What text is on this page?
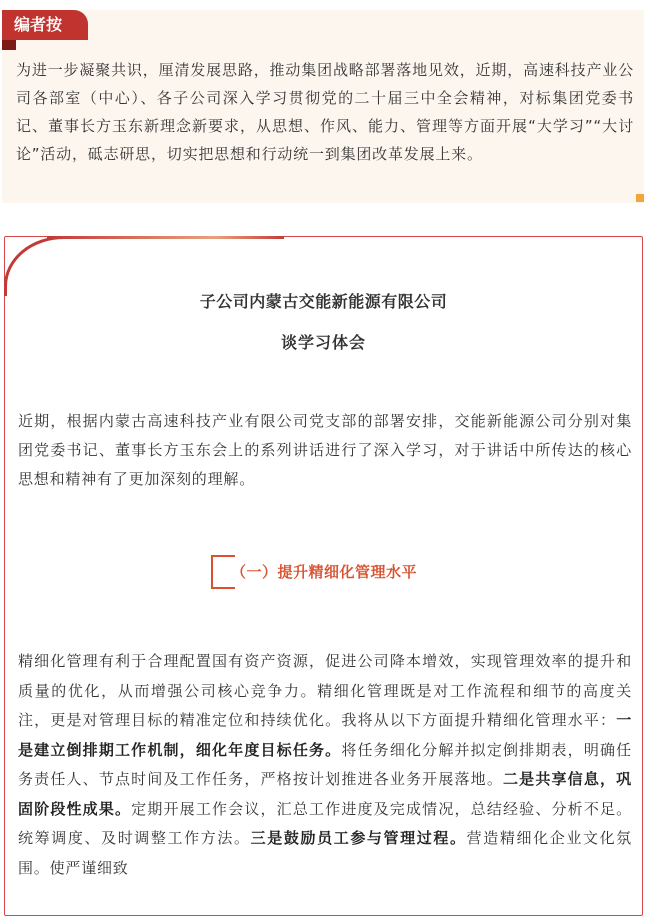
编者按
为进一步凝聚共识，厘清发展思路，推动集团战略部署落地见效，近期，高速科技产业公司各部室（中心）、各子公司深入学习贯彻党的二十届三中全会精神，对标集团党委书记、董事长方玉东新理念新要求，从思想、作风、能力、管理等方面开展“大学习”“大讨论”活动，砥志研思，切实把思想和行动统一到集团改革发展上来。
子公司内蒙古交能新能源有限公司
谈学习体会
近期，根据内蒙古高速科技产业有限公司党支部的部署安排，交能新能源公司分别对集团党委书记、董事长方玉东会上的系列讲话进行了深入学习，对于讲话中所传达的核心思想和精神有了更加深刻的理解。
（一）提升精细化管理水平
精细化管理有利于合理配置国有资产资源，促进公司降本增效，实现管理效率的提升和质量的优化，从而增强公司核心竞争力。精细化管理既是对工作流程和细节的高度关注，更是对管理目标的精准定位和持续优化。我将从以下方面提升精细化管理水平：一是建立倒排期工作机制，细化年度目标任务。将任务细化分解并拟定倒排期表，明确任务责任人、节点时间及工作任务，严格按计划推进各业务开展落地。二是共享信息，巩固阶段性成果。定期开展工作会议，汇总工作进度及完成情况，总结经验、分析不足。统筹调度、及时调整工作方法。三是鼓励员工参与管理过程。营造精细化企业文化氛围。使严谨细致
